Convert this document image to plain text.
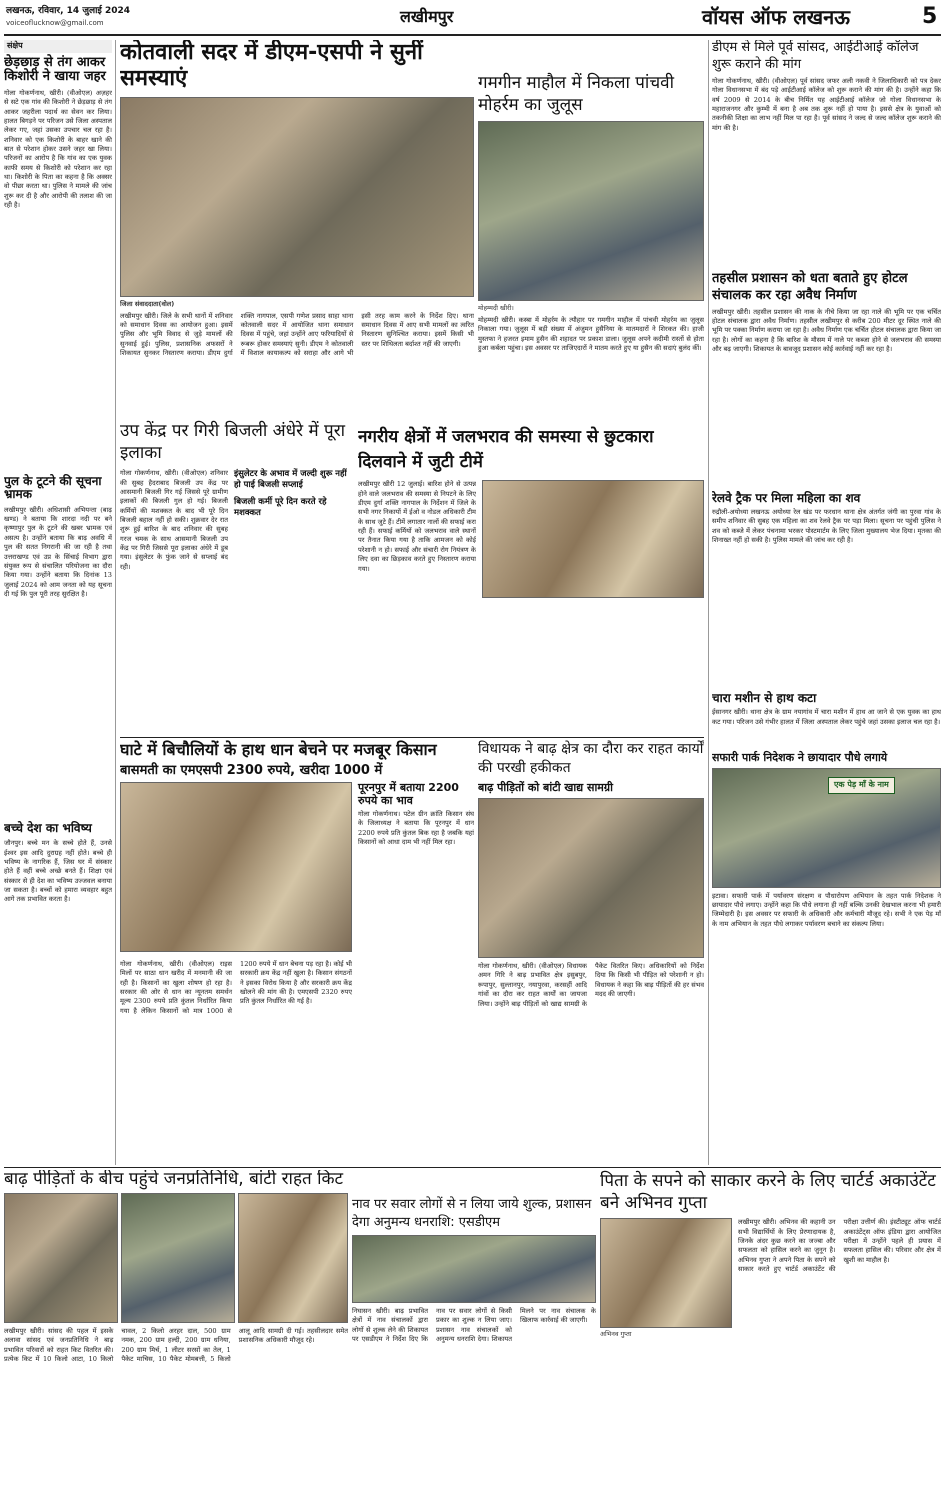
लखनऊ, रविवार, 14 जुलाई 2024
voiceoflucknow@gmail.com	लखीमपुर	वॉयस ऑफ लखनऊ	5
संक्षेप
छेड़छाड़ से तंग आकर किशोरी ने खाया जहर
गोला गोकर्णनाथ, खीरी। (वीओएल) अज़हर से सटे एक गांव की किशोरी ने छेड़छाड़ से तंग आकर जहरीला पदार्थ का सेवन कर लिया। हालत बिगड़ने पर परिजन उसे जिला अस्पताल लेकर गए, जहां उसका उपचार चल रहा है। शनिवार को एक किशोरी के बाहर खाने की बात से परेशान होकर उसने जहर खा लिया। परिजनों का आरोप है कि गांव का एक युवक काफी समय से किशोरी को परेशान कर रहा था। किशोरी के पिता का कहना है कि अक्सर वो पीछा करता था। पुलिस ने मामले की जांच शुरू कर दी है और आरोपी की तलाश की जा रही है।
पुल के टूटने की सूचना भ्रामक
लखीमपुर खीरी। अधिशासी अभियन्ता (बाढ़ खण्ड) ने बताया कि शारदा नदी पर बने कृष्णापुर पुल के टूटने की खबर भ्रामक एवं असत्य है। उन्होंने बताया कि बाढ़ अवधि में पुल की सतत निगरानी की जा रही है तथा उत्तराखण्ड एवं उप्र के सिंचाई विभाग द्वारा संयुक्त रूप से संचालित परियोजना का दौरा किया गया। उन्होंने बताया कि दिनांक 13 जुलाई 2024 को आम जनता को यह सूचना दी गई कि पुल पूरी तरह सुरक्षित है।
बच्चे देश का भविष्य
जौनपुर। बच्चे मन के सच्चे होते हैं, उनसे ईश्वर इस आदि दुराग्रह नहीं होते। बच्चे ही भविष्य के नागरिक हैं, जिस घर में संस्कार होते हैं वहीं बच्चे अच्छे बनते हैं। शिक्षा एवं संस्कार से ही देश का भविष्य उज्जवल बनाया जा सकता है। बच्चों को हमारा व्यवहार बहुत आगे तक प्रभावित करता है।
कोतवाली सदर में डीएम-एसपी ने सुनीं समस्याएं
जिला संवाददाता(वोल)
लखीमपुर खीरी। जिले के सभी थानों में शनिवार को समाधान दिवस का आयोजन हुआ। इसमें पुलिस और भूमि विवाद से जुड़े मामलों की सुनवाई हुई। पुलिस, प्रशासनिक अफसरों ने शिकायत सुनकर निस्तारण कराया। डीएम दुर्गा शक्ति नागपाल, एसपी गणेश प्रसाद साहा थाना कोतवाली सदर में आयोजित थाना समाधान दिवस में पहुंचे, जहां उन्होंने आए फरियादियों से रूबरू होकर समस्याएं सुनी। डीएम ने कोतवाली में विशाल कायाकल्प को सराहा और आगे भी इसी तरह काम करने के निर्देश दिए। थाना समाधान दिवस में आए सभी मामलों का त्वरित निस्तारण सुनिश्चित कराया। इसमें किसी भी स्तर पर शिथिलता बर्दाश्त नहीं की जाएगी।
गमगीन माहौल में निकला पांचवी मोहर्रम का जुलूस
मोहम्मदी खीरी।
मोहम्मदी खीरी। कस्बा में मोहर्रम के त्यौहार पर गमगीन माहौल में पांचवी मोहर्रम का जुलूस निकाला गया। जुलूस में बड़ी संख्या में अंजुमन हुसैनिया के मातमदारों ने शिरकत की। हाजी मुस्तफा ने हजरत इमाम हुसैन की शहादत पर प्रकाश डाला। जुलूस अपने कदीमी रास्तों से होता हुआ कर्बला पहुंचा। इस अवसर पर ताजिएदारों ने मातम करते हुए या हुसैन की सदाएं बुलंद कीं।
उप केंद्र पर गिरी बिजली अंधेरे में पूरा इलाका
गोला गोकर्णनाथ, खीरी। (वीओएल) शनिवार की सुबह हैदराबाद बिजली उप केंद्र पर आसमानी बिजली गिर गई जिससे पूरे ग्रामीण इलाकों की बिजली गुल हो गई। बिजली कर्मियों की मशक्कत के बाद भी पूरे दिन बिजली बहाल नहीं हो सकी। शुक्रवार देर रात शुरू हुई बारिश के बाद शनिवार की सुबह गरज चमक के साथ आसमानी बिजली उप केंद्र पर गिरी जिससे पूरा इलाका अंधेरे में डूब गया। इंसुलेटर के फुंक जाने से सप्लाई बंद रही।
इंसुलेटर के अभाव में जल्दी शुरू नहीं हो पाई बिजली सप्लाई
बिजली कर्मी पूरे दिन करते रहे मशक्कत
नगरीय क्षेत्रों में जलभराव की समस्या से छुटकारा दिलवाने में जुटी टीमें
लखीमपुर खीरी 12 जुलाई। बारिश होने से उत्पन्न होने वाले जलभराव की समस्या से निपटने के लिए डीएम दुर्गा शक्ति नागपाल के निर्देशन में जिले के सभी नगर निकायों में ईओ व नोडल अधिकारी टीम के साथ जुटे हैं। टीमें लगातार नालों की सफाई करा रही हैं। सफाई कर्मियों को जलभराव वाले स्थानों पर तैनात किया गया है ताकि आमजन को कोई परेशानी न हो। सफाई और संचारी रोग नियंत्रण के लिए दवा का छिड़काव करते हुए निस्तारण कराया गया।
घाटे में बिचौलियों के हाथ धान बेचने पर मजबूर किसान
बासमती का एमएसपी 2300 रुपये, खरीदा 1000 में
पूरनपुर में बताया 2200 रुपये का भाव
गोला गोकर्णनाथ। पटेल ग्रीन क्रांति किसान संघ के जिलाध्यक्ष ने बताया कि पूरनपुर में धान 2200 रुपये प्रति कुंतल बिक रहा है जबकि यहां किसानों को आधा दाम भी नहीं मिल रहा।
गोला गोकर्णनाथ, खीरी। (वीओएल) राइस मिलों पर साठा धान खरीद में मनमानी की जा रही है। किसानों का खुला शोषण हो रहा है। सरकार की ओर से धान का न्यूनतम समर्थन मूल्य 2300 रुपये प्रति कुंतल निर्धारित किया गया है लेकिन किसानों को मात्र 1000 से 1200 रुपये में धान बेचना पड़ रहा है। कोई भी सरकारी क्रय केंद्र नहीं खुला है। किसान संगठनों ने इसका विरोध किया है और सरकारी क्रय केंद्र खोलने की मांग की है। एमएसपी 2320 रुपए प्रति कुंतल निर्धारित की गई है।
विधायक ने बाढ़ क्षेत्र का दौरा कर राहत कार्यों की परखी हकीकत
बाढ़ पीड़ितों को बांटी खाद्य सामग्री
गोला गोकर्णनाथ, खीरी। (वीओएल) विधायक अमन गिरि ने बाढ़ प्रभावित क्षेत्र इसुबपुर, रूपापुर, सुल्तानपुर, नयापुरवा, करसहीं आदि गांवों का दौरा कर राहत कार्यों का जायजा लिया। उन्होंने बाढ़ पीड़ितों को खाद्य सामग्री के पैकेट वितरित किए। अधिकारियों को निर्देश दिया कि किसी भी पीड़ित को परेशानी न हो। विधायक ने कहा कि बाढ़ पीड़ितों की हर संभव मदद की जाएगी।
डीएम से मिले पूर्व सांसद, आईटीआई कॉलेज शुरू कराने की मांग
गोला गोकर्णनाथ, खीरी। (वीओएल) पूर्व सांसद जफर अली नकवी ने जिलाधिकारी को पत्र देकर गोला विधानसभा में बंद पड़े आईटीआई कॉलेज को शुरू कराने की मांग की है। उन्होंने कहा कि वर्ष 2009 से 2014 के बीच निर्मित यह आईटीआई कॉलेज जो गोला विधानसभा के महाराजनगर और कुम्भी में बना है अब तक शुरू नहीं हो पाया है। इससे क्षेत्र के युवाओं को तकनीकी शिक्षा का लाभ नहीं मिल पा रहा है। पूर्व सांसद ने जल्द से जल्द कॉलेज शुरू कराने की मांग की है।
तहसील प्रशासन को धता बताते हुए होटल संचालक कर रहा अवैध निर्माण
लखीमपुर खीरी। तहसील प्रशासन की नाक के नीचे किया जा रहा नाले की भूमि पर एक चर्चित होटल संचालक द्वारा अवैध निर्माण। तहसील लखीमपुर से करीब 200 मीटर दूर स्थित नाले की भूमि पर पक्का निर्माण कराया जा रहा है। अवैध निर्माण एक चर्चित होटल संचालक द्वारा किया जा रहा है। लोगों का कहना है कि बारिश के मौसम में नाले पर कब्जा होने से जलभराव की समस्या और बढ़ जाएगी। शिकायत के बावजूद प्रशासन कोई कार्रवाई नहीं कर रहा है।
रेलवे ट्रैक पर मिला महिला का शव
रुद्रौली-अयोध्या लखनऊ अयोध्या रेल खंड पर फरधान थाना क्षेत्र अंतर्गत जंगी का पुरवा गांव के समीप शनिवार की सुबह एक महिला का शव रेलवे ट्रैक पर पड़ा मिला। सूचना पर पहुंची पुलिस ने शव को कब्जे में लेकर पंचनामा भरकर पोस्टमार्टम के लिए जिला मुख्यालय भेज दिया। मृतका की शिनाख्त नहीं हो सकी है। पुलिस मामले की जांच कर रही है।
चारा मशीन से हाथ कटा
ईसानगर खीरी। थाना क्षेत्र के ग्राम नयागांव में चारा मशीन में हाथ आ जाने से एक युवक का हाथ कट गया। परिजन उसे गंभीर हालत में जिला अस्पताल लेकर पहुंचे जहां उसका इलाज चल रहा है।
सफारी पार्क निदेशक ने छायादार पौधे लगाये
एक पेड़ माँ के नाम
इटावा। सफारी पार्क में पर्यावरण संरक्षण व पौधारोपण अभियान के तहत पार्क निदेशक ने छायादार पौधे लगाए। उन्होंने कहा कि पौधे लगाना ही नहीं बल्कि उनकी देखभाल करना भी हमारी जिम्मेदारी है। इस अवसर पर सफारी के अधिकारी और कर्मचारी मौजूद रहे। सभी ने एक पेड़ माँ के नाम अभियान के तहत पौधे लगाकर पर्यावरण बचाने का संकल्प लिया।
बाढ़ पीड़ितों के बीच पहुंचे जनप्रतिनिधि, बांटी राहत किट
लखीमपुर खीरी। सांसद की पहल में इसके अलावा सांसद एवं जनप्रतिनिधि ने बाढ़ प्रभावित परिवारों को राहत किट वितरित की। प्रत्येक किट में 10 किलो आटा, 10 किलो चावल, 2 किलो अरहर दाल, 500 ग्राम नमक, 200 ग्राम हल्दी, 200 ग्राम धनिया, 200 ग्राम मिर्च, 1 लीटर सरसों का तेल, 1 पैकेट माचिस, 10 पैकेट मोमबत्ती, 5 किलो आलू आदि सामग्री दी गई। तहसीलदार समेत प्रशासनिक अधिकारी मौजूद रहे।
नाव पर सवार लोगों से न लिया जाये शुल्क, प्रशासन देगा अनुमन्य धनराशि: एसडीएम
निघासन खीरी। बाढ़ प्रभावित क्षेत्रों में नाव संचालकों द्वारा लोगों से शुल्क लेने की शिकायत पर एसडीएम ने निर्देश दिए कि नाव पर सवार लोगों से किसी प्रकार का शुल्क न लिया जाए। प्रशासन नाव संचालकों को अनुमन्य धनराशि देगा। शिकायत मिलने पर नाव संचालक के खिलाफ कार्रवाई की जाएगी।
पिता के सपने को साकार करने के लिए चार्टर्ड अकाउंटेंट बने अभिनव गुप्ता
अभिनव गुप्ता
लखीमपुर खीरी। अभिनव की कहानी उन सभी विद्यार्थियों के लिए प्रेरणादायक है, जिनके अंदर कुछ करने का जज्बा और सफलता को हासिल करने का जुनून है। अभिनव गुप्ता ने अपने पिता के सपने को साकार करते हुए चार्टर्ड अकाउंटेंट की परीक्षा उत्तीर्ण की। इंस्टीट्यूट ऑफ चार्टर्ड अकाउंटेंट्स ऑफ इंडिया द्वारा आयोजित परीक्षा में उन्होंने पहले ही प्रयास में सफलता हासिल की। परिवार और क्षेत्र में खुशी का माहौल है।
